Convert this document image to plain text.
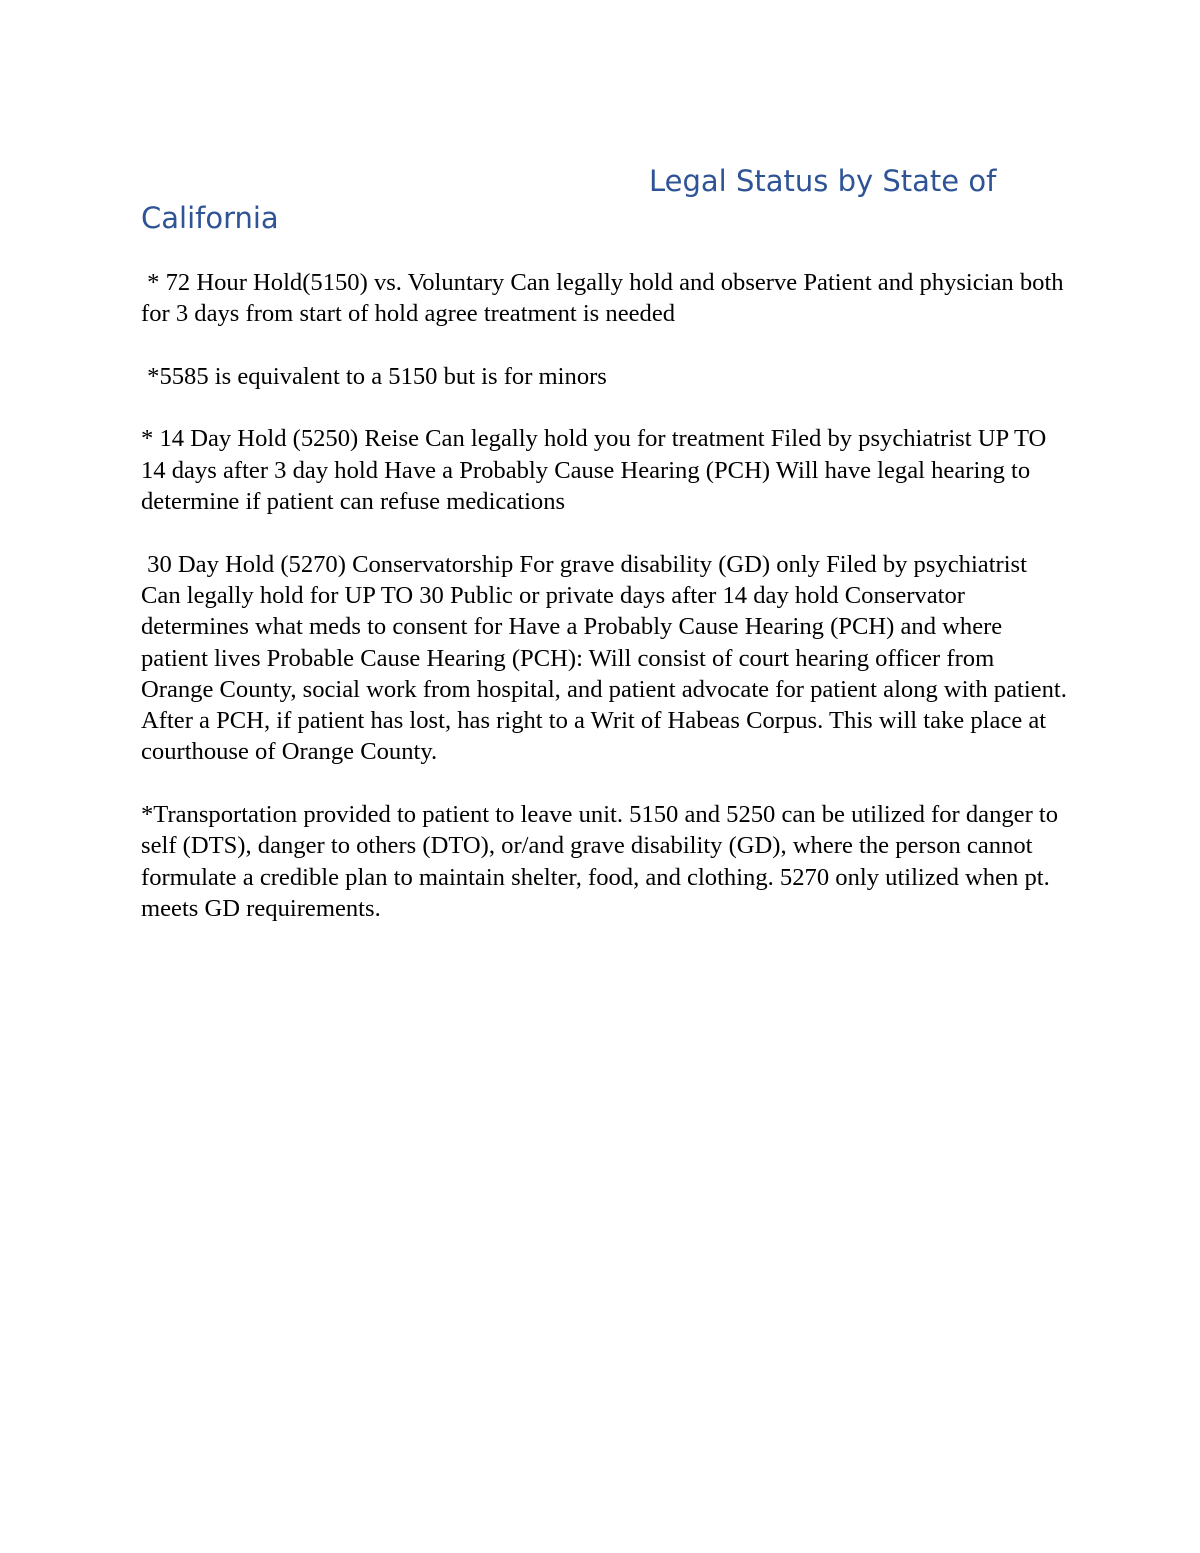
Legal Status by State of California

* 72 Hour Hold(5150) vs. Voluntary Can legally hold and observe Patient and physician both for 3 days from start of hold agree treatment is needed

*5585 is equivalent to a 5150 but is for minors

* 14 Day Hold (5250) Reise Can legally hold you for treatment Filed by psychiatrist UP TO 14 days after 3 day hold Have a Probably Cause Hearing (PCH) Will have legal hearing to determine if patient can refuse medications

30 Day Hold (5270) Conservatorship For grave disability (GD) only Filed by psychiatrist Can legally hold for UP TO 30 Public or private days after 14 day hold Conservator determines what meds to consent for Have a Probably Cause Hearing (PCH) and where patient lives Probable Cause Hearing (PCH): Will consist of court hearing officer from Orange County, social work from hospital, and patient advocate for patient along with patient. After a PCH, if patient has lost, has right to a Writ of Habeas Corpus. This will take place at courthouse of Orange County.

*Transportation provided to patient to leave unit. 5150 and 5250 can be utilized for danger to self (DTS), danger to others (DTO), or/and grave disability (GD), where the person cannot formulate a credible plan to maintain shelter, food, and clothing. 5270 only utilized when pt. meets GD requirements.
